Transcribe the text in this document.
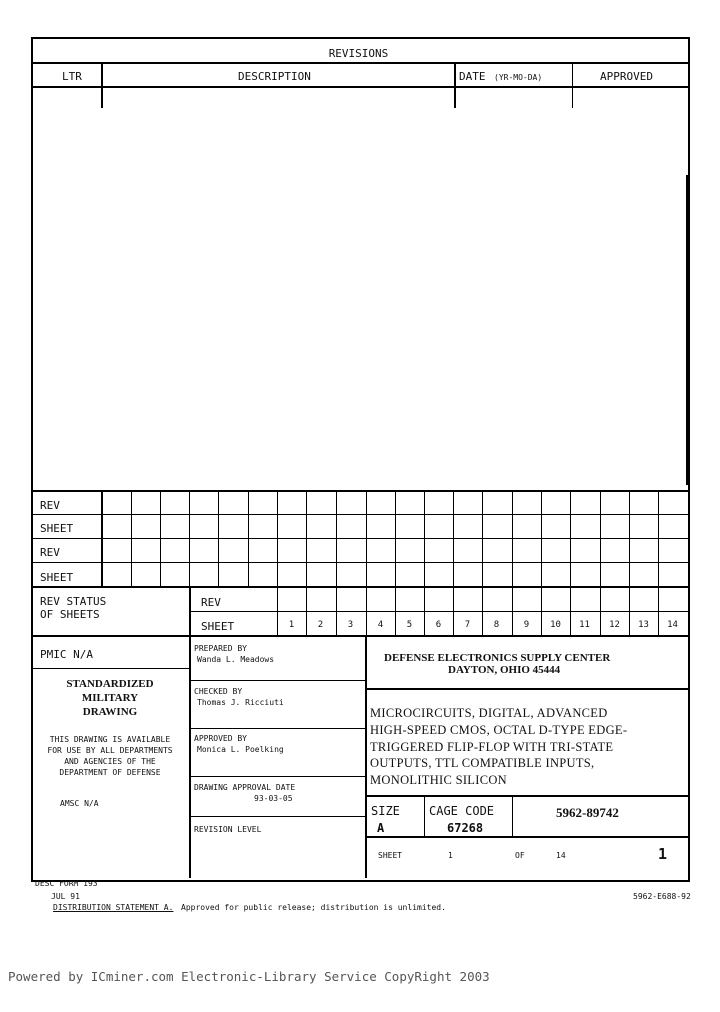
REVISIONS
LTR	DESCRIPTION	DATE (YR-MO-DA)	APPROVED
REV
SHEET
REV
SHEET
REV STATUS
OF SHEETS
REV
SHEET	1	2	3	4	5	6	7	8	9	10	11	12	13	14
PMIC N/A
STANDARDIZED
MILITARY
DRAWING
THIS DRAWING IS AVAILABLE
FOR USE BY ALL DEPARTMENTS
AND AGENCIES OF THE
DEPARTMENT OF DEFENSE
AMSC N/A
PREPARED BY
Wanda L. Meadows
CHECKED BY
Thomas J. Ricciuti
APPROVED BY
Monica L. Poelking
DRAWING APPROVAL DATE
93-03-05
REVISION LEVEL
DEFENSE ELECTRONICS SUPPLY CENTER
DAYTON, OHIO 45444
MICROCIRCUITS, DIGITAL, ADVANCED
HIGH-SPEED CMOS, OCTAL D-TYPE EDGE-
TRIGGERED FLIP-FLOP WITH TRI-STATE
OUTPUTS, TTL COMPATIBLE INPUTS,
MONOLITHIC SILICON
SIZE
A
CAGE CODE
67268
5962-89742
SHEET	1	OF	14	1
DESC FORM 193
JUL 91
DISTRIBUTION STATEMENT A. Approved for public release; distribution is unlimited.
5962-E688-92
Powered by ICminer.com Electronic-Library Service CopyRight 2003
